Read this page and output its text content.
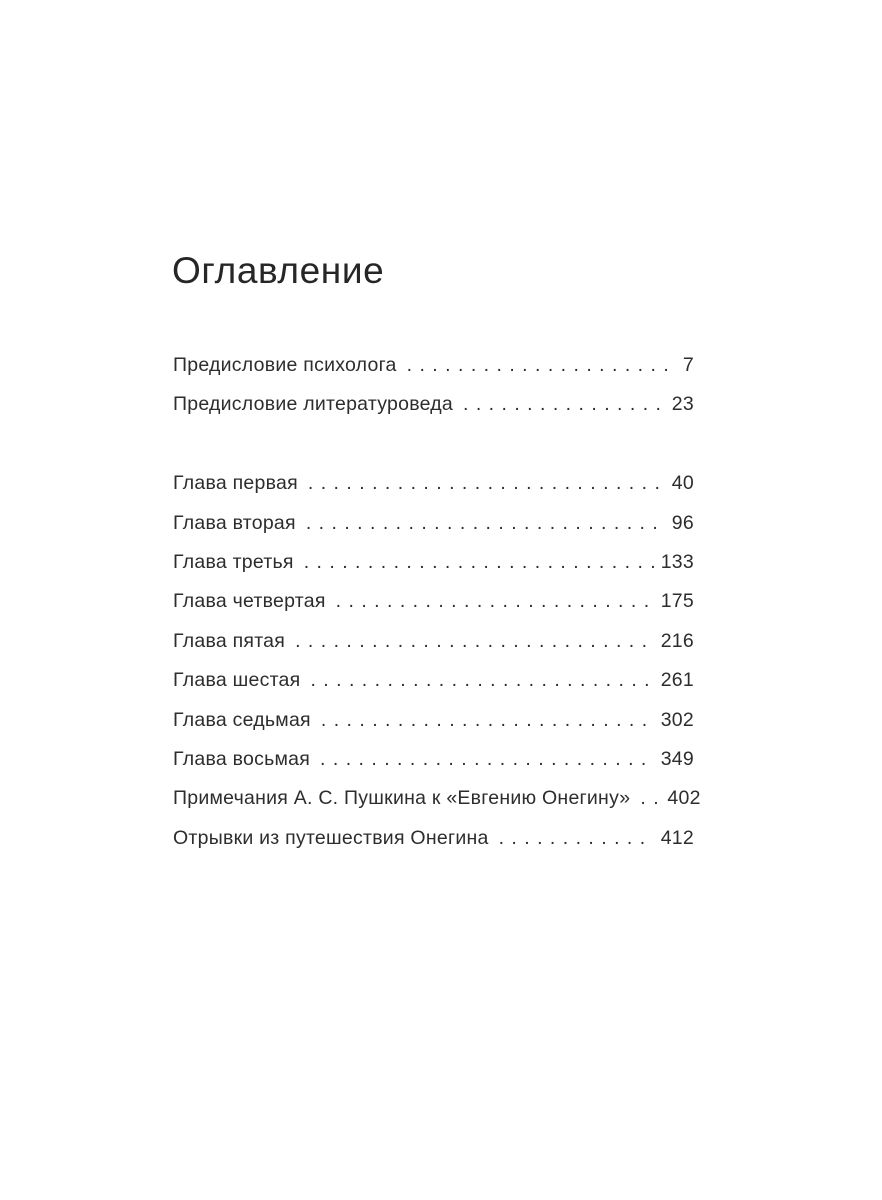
Оглавление
Предисловие психолога . . .	7
Предисловие литературоведа . . .	23
Глава первая . . .	40
Глава вторая . . .	96
Глава третья . . .	133
Глава четвертая . . .	175
Глава пятая . . .	216
Глава шестая . . .	261
Глава седьмая . . .	302
Глава восьмая . . .	349
Примечания А. С. Пушкина к «Евгению Онегину» . . . 402
Отрывки из путешествия Онегина . . .	412
